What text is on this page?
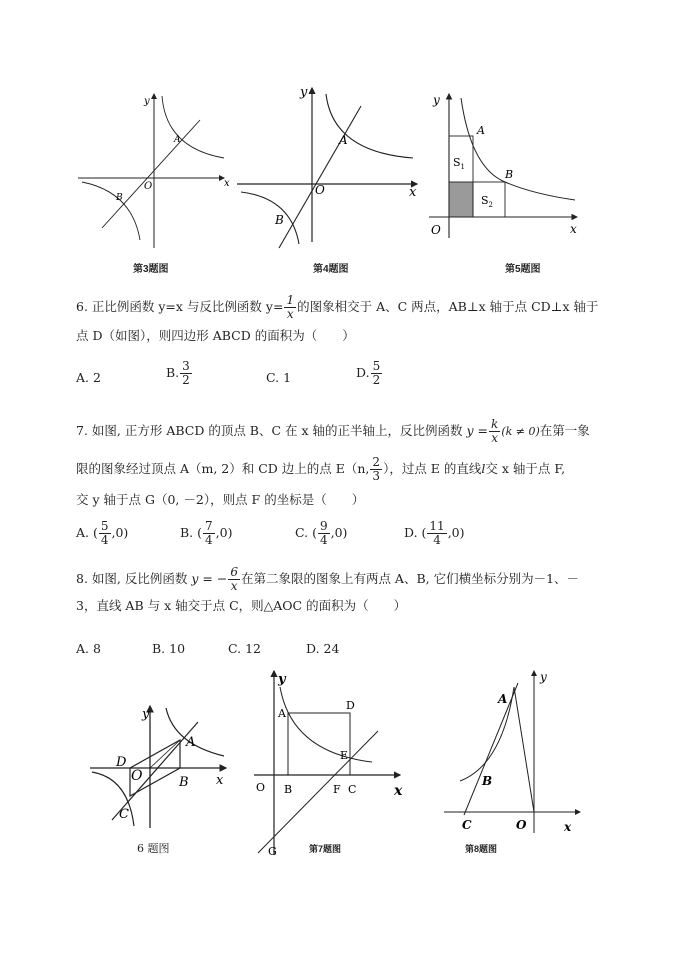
y
x
O
A
B
第3题图
y
x
O
A
B
第4题图
y
x
O
A
B
$S_1$
$S_2$
第5题图
6. 正比例函数 y=x 与反比例函数 $y= \frac{1}{x}$ 的图象相交于 A、C 两点，AB⊥x 轴于点 CD⊥x 轴于
点 D（如图），则四边形 ABCD 的面积为（　　）
A. 2	B. $\frac{3}{2}$	C. 1	D. $\frac{5}{2}$
7. 如图, 正方形 ABCD 的顶点 B、C 在 x 轴的正半轴上，反比例函数 $y = \frac{k}{x} (k \ne 0)$在第一象
限的图象经过顶点 A（m, 2）和 CD 边上的点 E（n, $\frac{2}{3}$ ），过点 E 的直线l交 x 轴于点 F,
交 y 轴于点 G（0, －2），则点 F 的坐标是（　　）
A. ( $\frac{5}{4} ,0$)	B. ( $\frac{7}{4} ,0$)	C. ( $\frac{9}{4} ,0$)	D. ( $\frac{11}{4} ,0$)
8. 如图, 反比例函数 y = − $\frac{6}{x}$ 在第二象限的图象上有两点 A、B, 它们横坐标分别为－1、－
3，直线 AB 与 x 轴交于点 C，则△AOC 的面积为（　　）
A. 8	B. 10	C. 12	D. 24
y
x
O
A
B
C
D
6 题图
y
x
O
A
B	C
D
E
F
G	第7题图
y
x
O
A
B
C
第8题图
